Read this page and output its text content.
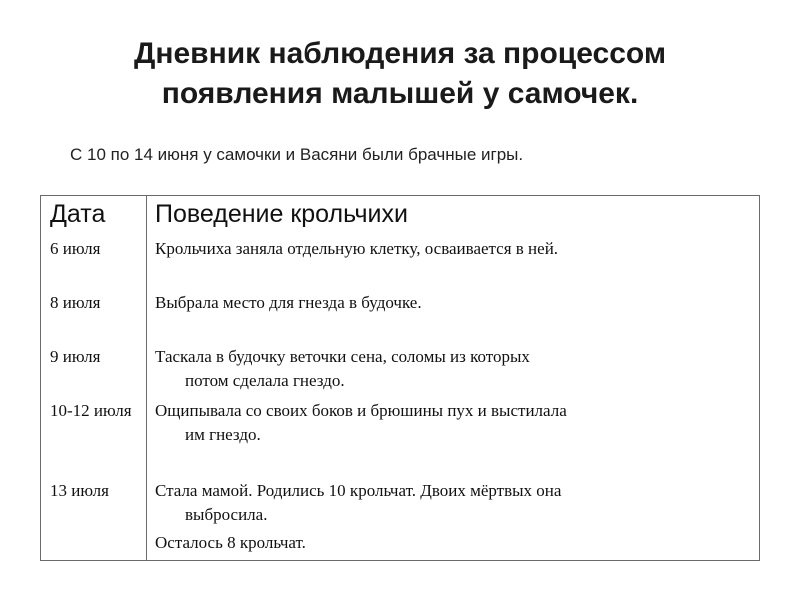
Дневник наблюдения за процессом
появления малышей у самочек.
С 10 по 14 июня у самочки и Васяни были брачные игры.
Дата Поведение крольчихи
6 июля	Крольчиха заняла отдельную клетку, осваивается в ней.
8 июля	Выбрала место для гнезда в будочке.
9 июля	Таскала в будочку веточки сена, соломы из которых
потом сделала гнездо.
10-12 июля	Ощипывала со своих боков и брюшины пух и выстилала
им гнездо.
13 июля	Стала мамой. Родились 10 крольчат. Двоих мёртвых она
выбросила.
Осталось 8 крольчат.
